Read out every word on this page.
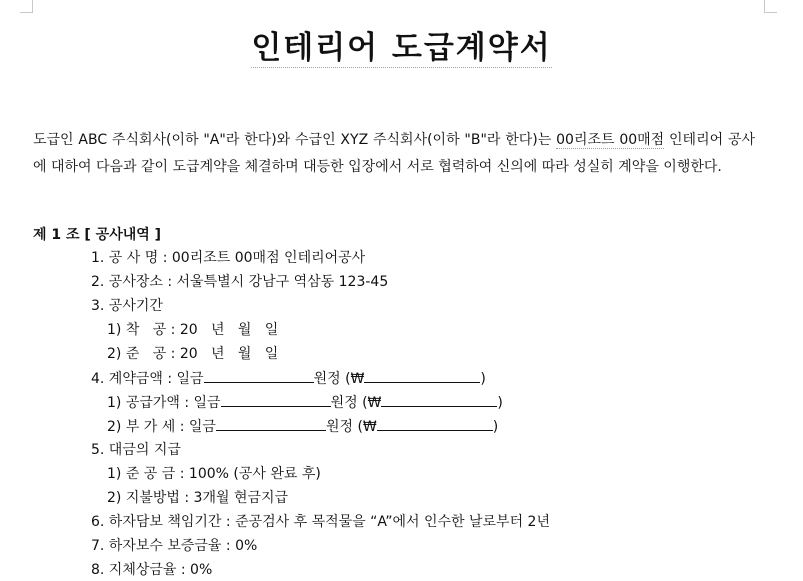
인테리어 도급계약서
도급인 ABC 주식회사(이하 "A"라 한다)와 수급인 XYZ 주식회사(이하 "B"라 한다)는 00리조트 00매점 인테리어 공사에 대하여 다음과 같이 도급계약을 체결하며 대등한 입장에서 서로 협력하여 신의에 따라 성실히 계약을 이행한다.
제 1 조 [ 공사내역 ]
1. 공 사 명 : 00리조트 00매점 인테리어공사
2. 공사장소 : 서울특별시 강남구 역삼동 123-45
3. 공사기간
1) 착   공 : 20   년   월   일
2) 준   공 : 20   년   월   일
4. 계약금액 : 일금	원정 (₩	)
1) 공급가액 : 일금	원정 (₩	)
2) 부 가 세 : 일금	원정 (₩	)
5. 대금의 지급
1) 준 공 금 : 100% (공사 완료 후)
2) 지불방법 : 3개월 현금지급
6. 하자담보 책임기간 : 준공검사 후 목적물을 “A”에서 인수한 날로부터 2년
7. 하자보수 보증금율 : 0%
8. 지체상금율 : 0%
